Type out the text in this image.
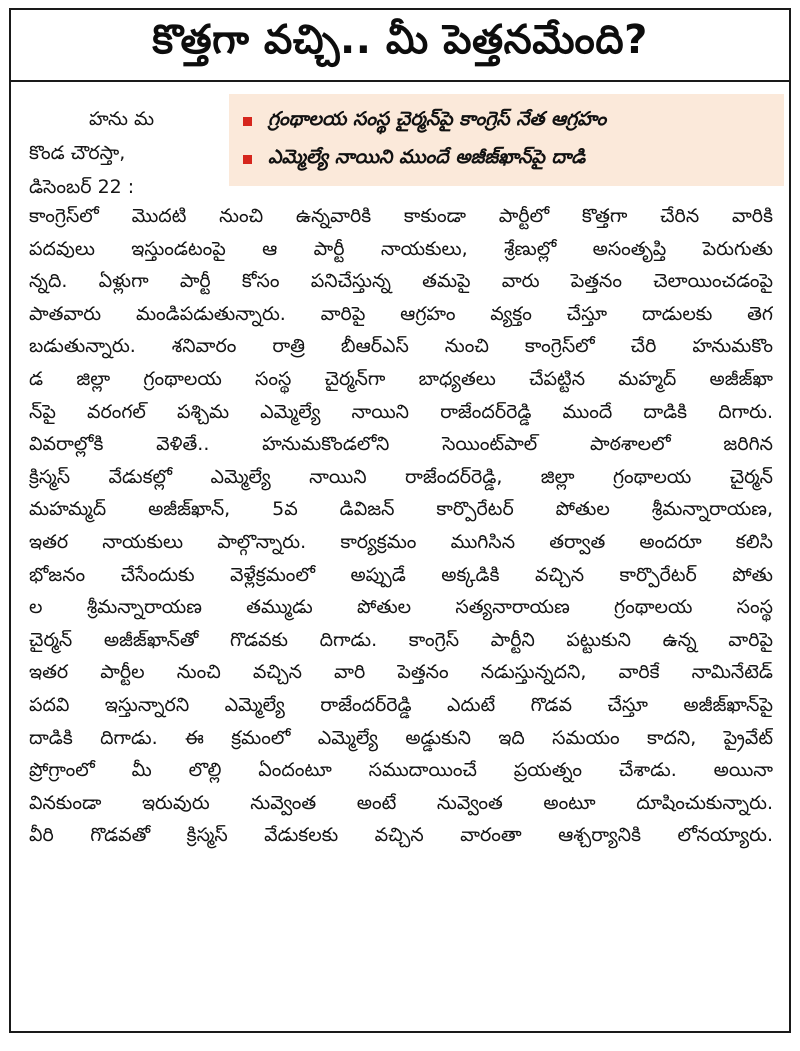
కొత్తగా వచ్చి.. మీ పెత్తనమేంది?
హను మ
కొండ చౌరస్తా,
డిసెంబర్ 22 :
గ్రంథాలయ సంస్థ చైర్మన్‌పై కాంగ్రెస్ నేత ఆగ్రహం
ఎమ్మెల్యే నాయిని ముందే అజీజ్‌ఖాన్‌పై దాడి
కాంగ్రెస్‌లో మొదటి నుంచి ఉన్నవారికి కాకుండా పార్టీలో కొత్తగా చేరిన వారికి
పదవులు ఇస్తుండటంపై ఆ పార్టీ నాయకులు, శ్రేణుల్లో అసంతృప్తి పెరుగుతు
న్నది. ఏళ్లుగా పార్టీ కోసం పనిచేస్తున్న తమపై వారు పెత్తనం చెలాయించడంపై
పాతవారు మండిపడుతున్నారు. వారిపై ఆగ్రహం వ్యక్తం చేస్తూ దాడులకు తెగ
బడుతున్నారు. శనివారం రాత్రి బీఆర్‌ఎస్ నుంచి కాంగ్రెస్‌లో చేరి హనుమకొం
డ జిల్లా గ్రంథాలయ సంస్థ చైర్మన్‌గా బాధ్యతలు చేపట్టిన మహ్మద్ అజీజ్‌ఖా
న్‌పై వరంగల్ పశ్చిమ ఎమ్మెల్యే నాయిని రాజేందర్‌రెడ్డి ముందే దాడికి దిగారు.
వివరాల్లోకి వెళితే.. హనుమకొండలోని సెయింట్‌పాల్ పాఠశాలలో జరిగిన
క్రిస్మస్ వేడుకల్లో ఎమ్మెల్యే నాయిని రాజేందర్‌రెడ్డి, జిల్లా గ్రంథాలయ చైర్మన్
మహమ్మద్ అజీజ్‌ఖాన్, 5వ డివిజన్ కార్పొరేటర్ పోతుల శ్రీమన్నారాయణ,
ఇతర నాయకులు పాల్గొన్నారు. కార్యక్రమం ముగిసిన తర్వాత అందరూ కలిసి
భోజనం చేసేందుకు వెళ్లేక్రమంలో అప్పుడే అక్కడికి వచ్చిన కార్పొరేటర్ పోతు
ల శ్రీమన్నారాయణ తమ్ముడు పోతుల సత్యనారాయణ గ్రంథాలయ సంస్థ
చైర్మన్ అజీజ్‌ఖాన్‌తో గొడవకు దిగాడు. కాంగ్రెస్ పార్టీని పట్టుకుని ఉన్న వారిపై
ఇతర పార్టీల నుంచి వచ్చిన వారి పెత్తనం నడుస్తున్నదని, వారికే నామినేటెడ్
పదవి ఇస్తున్నారని ఎమ్మెల్యే రాజేందర్‌రెడ్డి ఎదుటే గొడవ చేస్తూ అజీజ్‌ఖాన్‌పై
దాడికి దిగాడు. ఈ క్రమంలో ఎమ్మెల్యే అడ్డుకుని ఇది సమయం కాదని, ప్రైవేట్
ప్రోగ్రాంలో మీ లొల్లి ఏందంటూ సముదాయించే ప్రయత్నం చేశాడు. అయినా
వినకుండా ఇరువురు నువ్వెంత అంటే నువ్వెంత అంటూ దూషించుకున్నారు.
వీరి గొడవతో క్రిస్మస్ వేడుకలకు వచ్చిన వారంతా ఆశ్చర్యానికి లోనయ్యారు.
